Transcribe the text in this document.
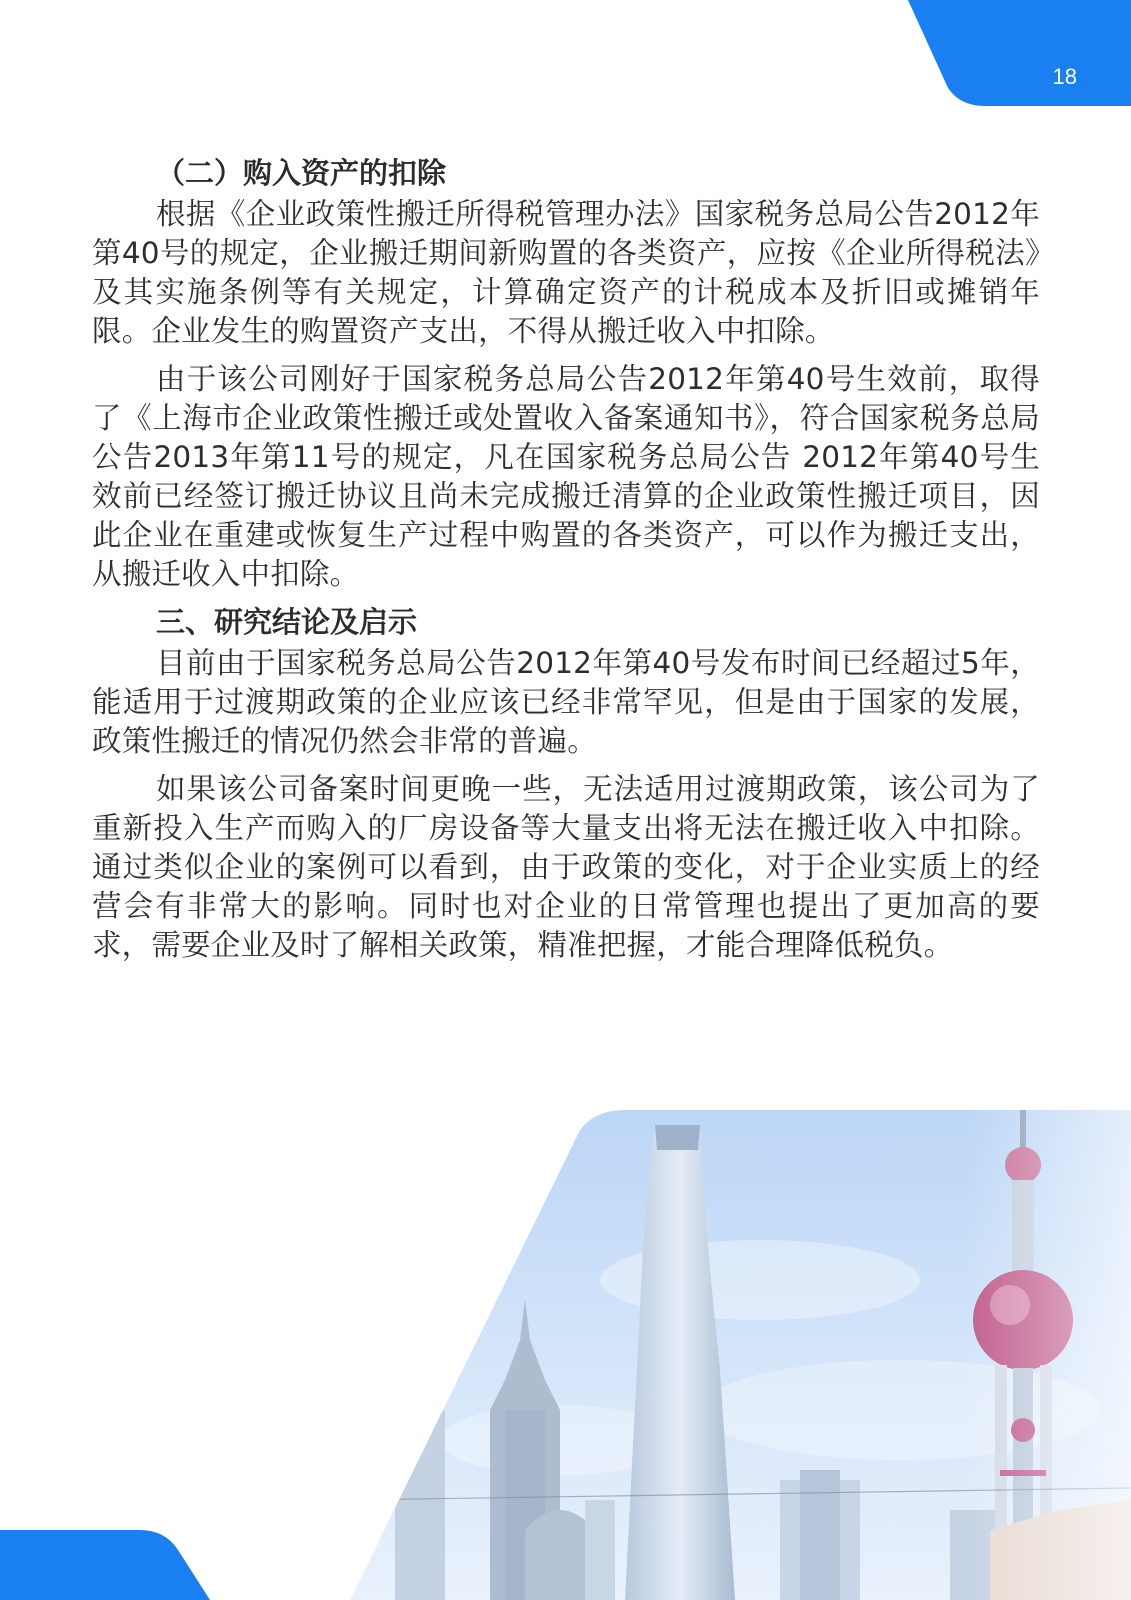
18
（二）购入资产的扣除

根据《企业政策性搬迁所得税管理办法》国家税务总局公告2012年第40号的规定，企业搬迁期间新购置的各类资产，应按《企业所得税法》及其实施条例等有关规定，计算确定资产的计税成本及折旧或摊销年限。企业发生的购置资产支出，不得从搬迁收入中扣除。

由于该公司刚好于国家税务总局公告2012年第40号生效前，取得了《上海市企业政策性搬迁或处置收入备案通知书》，符合国家税务总局公告2013年第11号的规定，凡在国家税务总局公告 2012年第40号生效前已经签订搬迁协议且尚未完成搬迁清算的企业政策性搬迁项目，因此企业在重建或恢复生产过程中购置的各类资产，可以作为搬迁支出，从搬迁收入中扣除。

三、研究结论及启示

目前由于国家税务总局公告2012年第40号发布时间已经超过5年，能适用于过渡期政策的企业应该已经非常罕见，但是由于国家的发展，政策性搬迁的情况仍然会非常的普遍。

如果该公司备案时间更晚一些，无法适用过渡期政策，该公司为了重新投入生产而购入的厂房设备等大量支出将无法在搬迁收入中扣除。通过类似企业的案例可以看到，由于政策的变化，对于企业实质上的经营会有非常大的影响。同时也对企业的日常管理也提出了更加高的要求，需要企业及时了解相关政策，精准把握，才能合理降低税负。
